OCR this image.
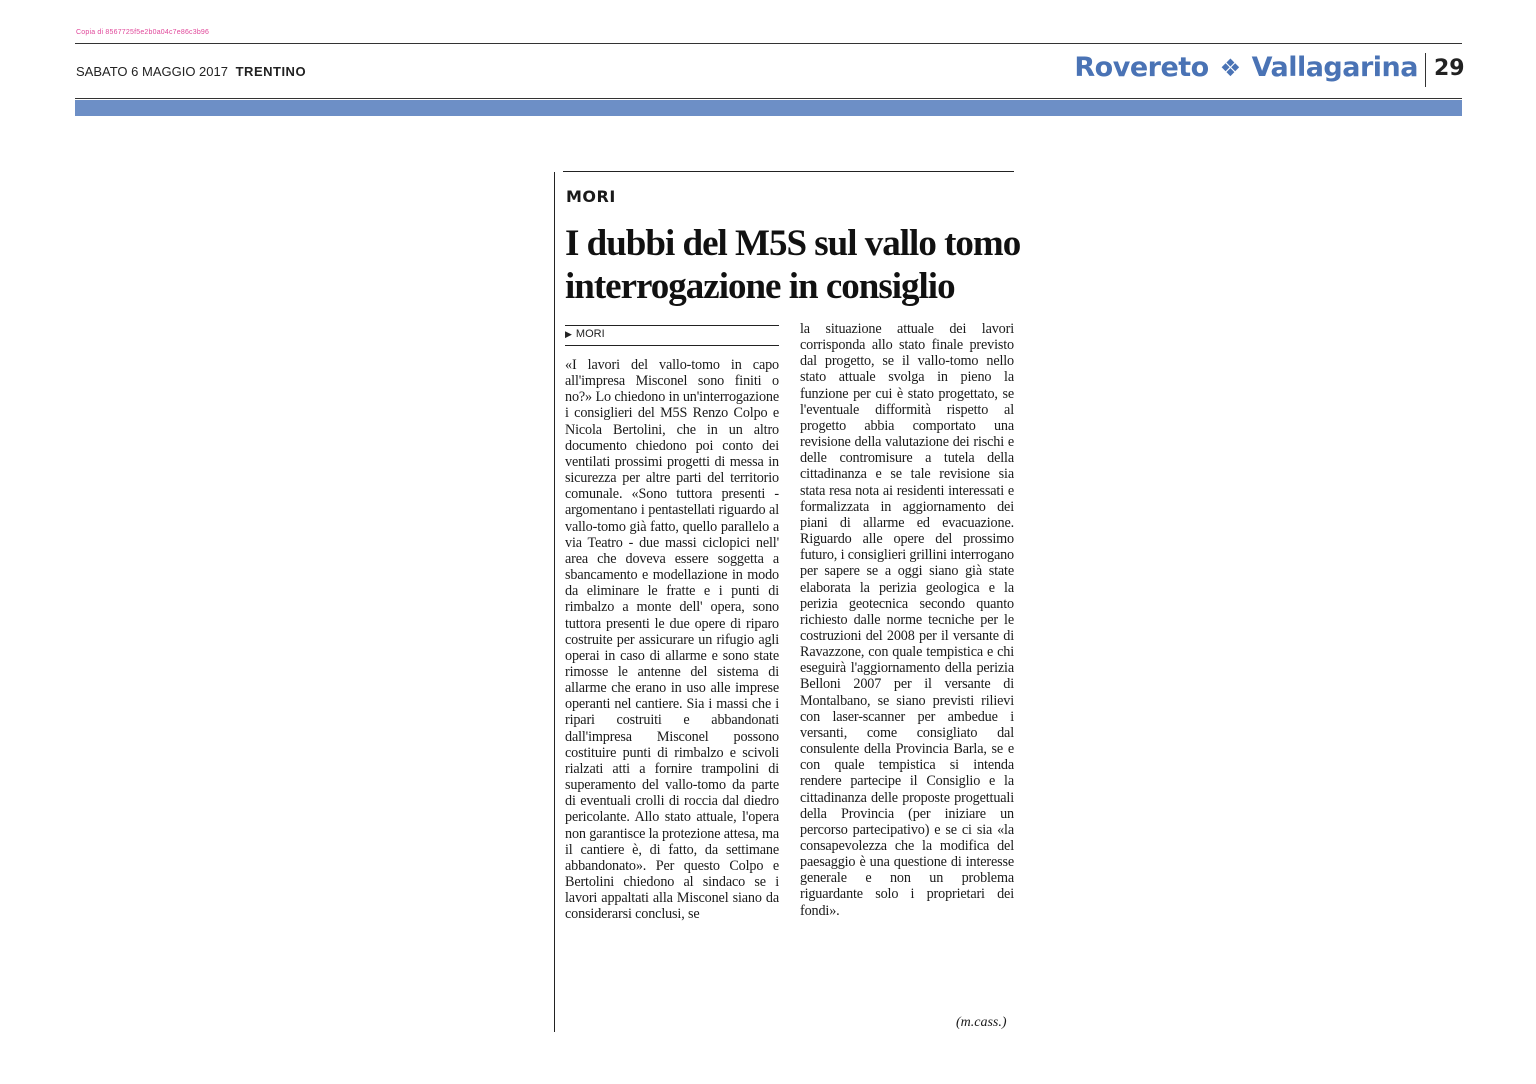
Copia di 8567725f5e2b0a04c7e86c3b96
SABATO 6 MAGGIO 2017 TRENTINO	Rovereto ❖ Vallagarina 29
MORI
I dubbi del M5S sul vallo tomo
interrogazione in consiglio
▶ MORI
«I lavori del vallo-tomo in capo all'impresa Misconel sono finiti o no?» Lo chiedono in un'interrogazione i consiglieri del M5S Renzo Colpo e Nicola Bertolini, che in un altro documento chiedono poi conto dei ventilati prossimi progetti di messa in sicurezza per altre parti del territorio comunale. «Sono tuttora presenti - argomentano i pentastellati riguardo al vallo-tomo già fatto, quello parallelo a via Teatro - due massi ciclopici nell' area che doveva essere soggetta a sbancamento e modellazione in modo da eliminare le fratte e i punti di rimbalzo a monte dell' opera, sono tuttora presenti le due opere di riparo costruite per assicurare un rifugio agli operai in caso di allarme e sono state rimosse le antenne del sistema di allarme che erano in uso alle imprese operanti nel cantiere. Sia i massi che i ripari costruiti e abbandonati dall'impresa Misconel possono costituire punti di rimbalzo e scivoli rialzati atti a fornire trampolini di superamento del vallo-tomo da parte di eventuali crolli di roccia dal diedro pericolante. Allo stato attuale, l'opera non garantisce la protezione attesa, ma il cantiere è, di fatto, da settimane abbandonato». Per questo Colpo e Bertolini chiedono al sindaco se i lavori appaltati alla Misconel siano da considerarsi conclusi, se
la situazione attuale dei lavori corrisponda allo stato finale previsto dal progetto, se il vallo-tomo nello stato attuale svolga in pieno la funzione per cui è stato progettato, se l'eventuale difformità rispetto al progetto abbia comportato una revisione della valutazione dei rischi e delle contromisure a tutela della cittadinanza e se tale revisione sia stata resa nota ai residenti interessati e formalizzata in aggiornamento dei piani di allarme ed evacuazione. Riguardo alle opere del prossimo futuro, i consiglieri grillini interrogano per sapere se a oggi siano già state elaborata la perizia geologica e la perizia geotecnica secondo quanto richiesto dalle norme tecniche per le costruzioni del 2008 per il versante di Ravazzone, con quale tempistica e chi eseguirà l'aggiornamento della perizia Belloni 2007 per il versante di Montalbano, se siano previsti rilievi con laser-scanner per ambedue i versanti, come consigliato dal consulente della Provincia Barla, se e con quale tempistica si intenda rendere partecipe il Consiglio e la cittadinanza delle proposte progettuali della Provincia (per iniziare un percorso partecipativo) e se ci sia «la consapevolezza che la modifica del paesaggio è una questione di interesse generale e non un problema riguardante solo i proprietari dei fondi».
(m.cass.)
